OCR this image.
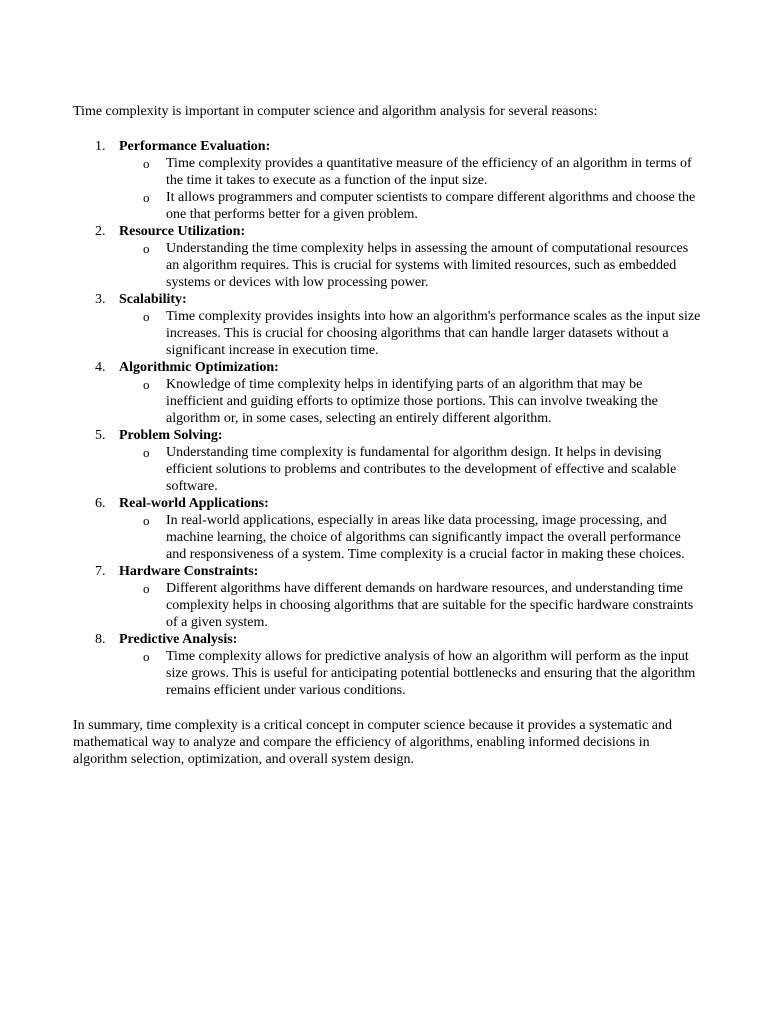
Time complexity is important in computer science and algorithm analysis for several reasons:

1. Performance Evaluation:
o Time complexity provides a quantitative measure of the efficiency of an algorithm in terms of the time it takes to execute as a function of the input size.
o It allows programmers and computer scientists to compare different algorithms and choose the one that performs better for a given problem.
2. Resource Utilization:
o Understanding the time complexity helps in assessing the amount of computational resources an algorithm requires. This is crucial for systems with limited resources, such as embedded systems or devices with low processing power.
3. Scalability:
o Time complexity provides insights into how an algorithm's performance scales as the input size increases. This is crucial for choosing algorithms that can handle larger datasets without a significant increase in execution time.
4. Algorithmic Optimization:
o Knowledge of time complexity helps in identifying parts of an algorithm that may be inefficient and guiding efforts to optimize those portions. This can involve tweaking the algorithm or, in some cases, selecting an entirely different algorithm.
5. Problem Solving:
o Understanding time complexity is fundamental for algorithm design. It helps in devising efficient solutions to problems and contributes to the development of effective and scalable software.
6. Real-world Applications:
o In real-world applications, especially in areas like data processing, image processing, and machine learning, the choice of algorithms can significantly impact the overall performance and responsiveness of a system. Time complexity is a crucial factor in making these choices.
7. Hardware Constraints:
o Different algorithms have different demands on hardware resources, and understanding time complexity helps in choosing algorithms that are suitable for the specific hardware constraints of a given system.
8. Predictive Analysis:
o Time complexity allows for predictive analysis of how an algorithm will perform as the input size grows. This is useful for anticipating potential bottlenecks and ensuring that the algorithm remains efficient under various conditions.

In summary, time complexity is a critical concept in computer science because it provides a systematic and mathematical way to analyze and compare the efficiency of algorithms, enabling informed decisions in algorithm selection, optimization, and overall system design.
